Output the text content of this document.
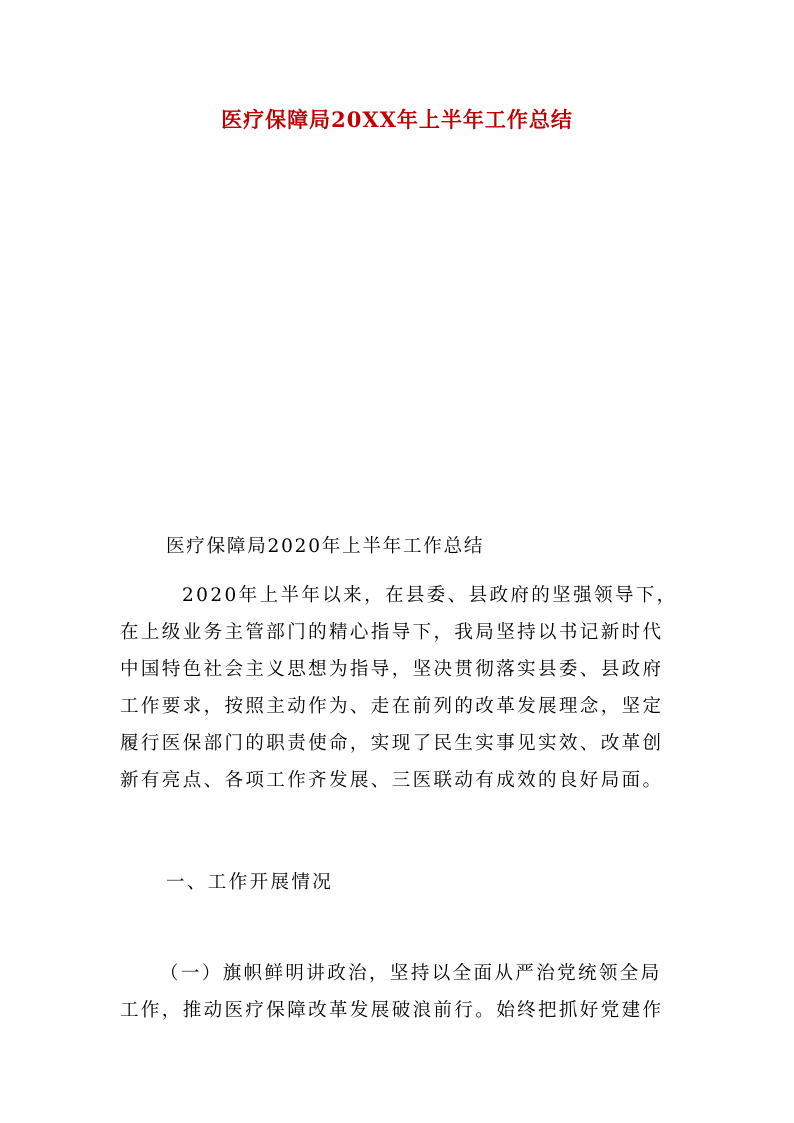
医疗保障局20XX年上半年工作总结
医疗保障局2020年上半年工作总结
2020年上半年以来，在县委、县政府的坚强领导下，
在上级业务主管部门的精心指导下，我局坚持以书记新时代
中国特色社会主义思想为指导，坚决贯彻落实县委、县政府
工作要求，按照主动作为、走在前列的改革发展理念，坚定
履行医保部门的职责使命，实现了民生实事见实效、改革创
新有亮点、各项工作齐发展、三医联动有成效的良好局面。
一、工作开展情况
（一）旗帜鲜明讲政治，坚持以全面从严治党统领全局
工作，推动医疗保障改革发展破浪前行。始终把抓好党建作
